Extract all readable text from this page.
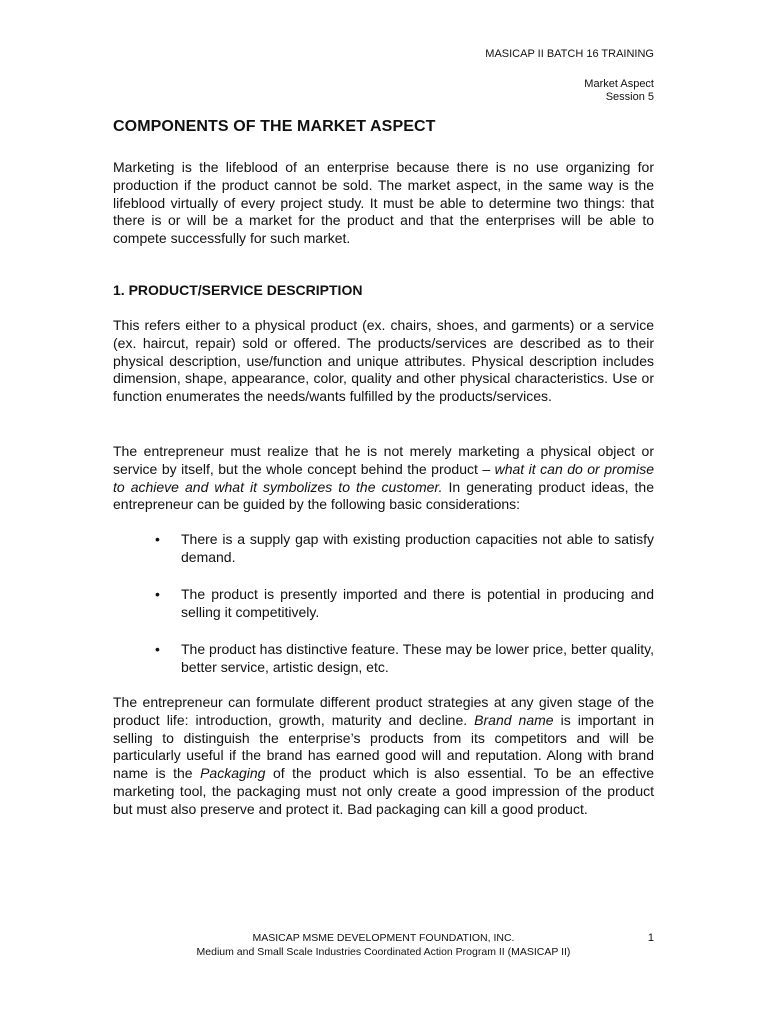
MASICAP II BATCH 16 TRAINING
Market Aspect
Session 5
COMPONENTS OF THE MARKET ASPECT

Marketing is the lifeblood of an enterprise because there is no use organizing for production if the product cannot be sold. The market aspect, in the same way is the lifeblood virtually of every project study. It must be able to determine two things: that there is or will be a market for the product and that the enterprises will be able to compete successfully for such market.

1. PRODUCT/SERVICE DESCRIPTION

This refers either to a physical product (ex. chairs, shoes, and garments) or a service (ex. haircut, repair) sold or offered. The products/services are described as to their physical description, use/function and unique attributes. Physical description includes dimension, shape, appearance, color, quality and other physical characteristics. Use or function enumerates the needs/wants fulfilled by the products/services.

The entrepreneur must realize that he is not merely marketing a physical object or service by itself, but the whole concept behind the product – what it can do or promise to achieve and what it symbolizes to the customer. In generating product ideas, the entrepreneur can be guided by the following basic considerations:

• There is a supply gap with existing production capacities not able to satisfy demand.

• The product is presently imported and there is potential in producing and selling it competitively.

• The product has distinctive feature. These may be lower price, better quality, better service, artistic design, etc.

The entrepreneur can formulate different product strategies at any given stage of the product life: introduction, growth, maturity and decline. Brand name is important in selling to distinguish the enterprise’s products from its competitors and will be particularly useful if the brand has earned good will and reputation. Along with brand name is the Packaging of the product which is also essential. To be an effective marketing tool, the packaging must not only create a good impression of the product but must also preserve and protect it. Bad packaging can kill a good product.

MASICAP MSME DEVELOPMENT FOUNDATION, INC.
Medium and Small Scale Industries Coordinated Action Program II (MASICAP II)
1
